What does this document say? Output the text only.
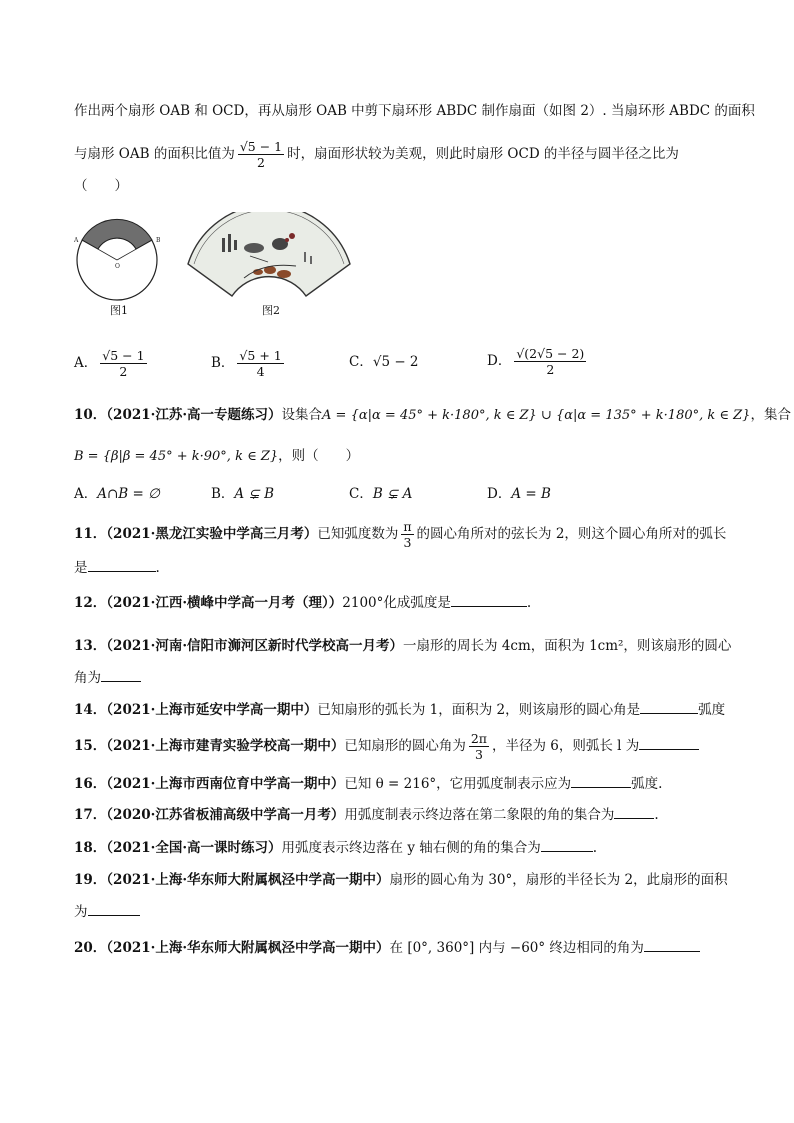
作出两个扇形 OAB 和 OCD，再从扇形 OAB 中剪下扇环形 ABDC 制作扇面（如图 2）. 当扇环形 ABDC 的面积
与扇形 OAB 的面积比值为 $\frac{√5 - 1}{2}$ 时，扇面形状较为美观，则此时扇形 OCD 的半径与圆半径之比为
（　　）
A	B
O
图1	图2
A． $\frac{√5 - 1}{2}$	B． $\frac{√5 + 1}{4}$	C．√5 − 2	D． $\frac{√(2√5 - 2)}{2}$
10．（2021·江苏·高一专题练习）设集合A = {α|α = 45° + k·180°, k ∈ Z} ∪ {α|α = 135° + k·180°, k ∈ Z}，集合
B = {β|β = 45° + k·90°, k ∈ Z}，则（　　）
A．A∩B = ∅	B．A ⊊ B	C．B ⊊ A	D．A = B
11．（2021·黑龙江实验中学高三月考）已知弧度数为 $\frac{\pi}{3}$ 的圆心角所对的弦长为 2，则这个圆心角所对的弧长
是	.
12．（2021·江西·横峰中学高一月考（理））2100°化成弧度是	.
13．（2021·河南·信阳市浉河区新时代学校高一月考）一扇形的周长为 4cm，面积为 1cm²，则该扇形的圆心
角为
14．（2021·上海市延安中学高一期中）已知扇形的弧长为 1，面积为 2，则该扇形的圆心角是	弧度
15．（2021·上海市建青实验学校高一期中）已知扇形的圆心角为 $\frac{2\pi}{3}$ ，半径为 6，则弧长 l 为
16．（2021·上海市西南位育中学高一期中）已知 θ = 216°，它用弧度制表示应为	弧度.
17．（2020·江苏省板浦高级中学高一月考）用弧度制表示终边落在第二象限的角的集合为	.
18．（2021·全国·高一课时练习）用弧度表示终边落在 y 轴右侧的角的集合为	.
19．（2021·上海·华东师大附属枫泾中学高一期中）扇形的圆心角为 30°，扇形的半径长为 2，此扇形的面积
为
20．（2021·上海·华东师大附属枫泾中学高一期中）在 [0°, 360°] 内与 −60° 终边相同的角为
